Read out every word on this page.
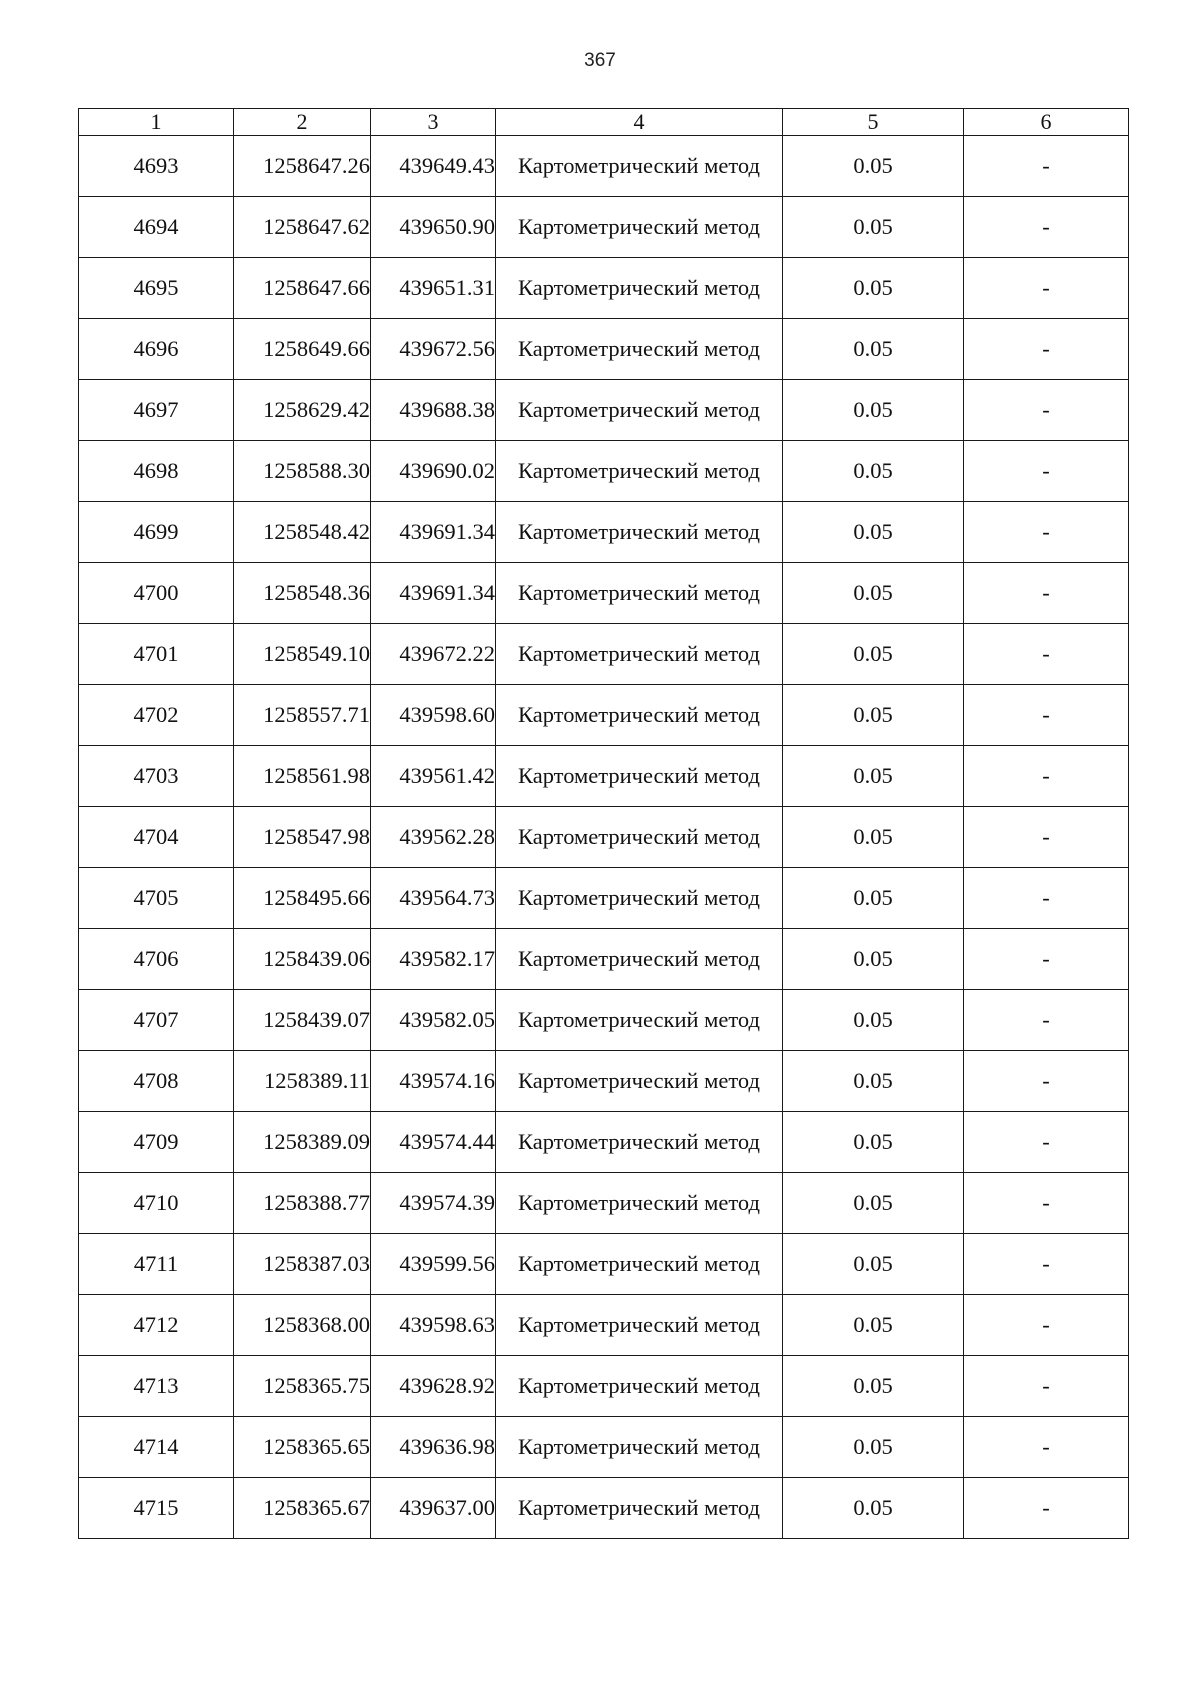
367
1	2	3	4	5	6
4693	1258647.26	439649.43	Картометрический метод	0.05	-
4694	1258647.62	439650.90	Картометрический метод	0.05	-
4695	1258647.66	439651.31	Картометрический метод	0.05	-
4696	1258649.66	439672.56	Картометрический метод	0.05	-
4697	1258629.42	439688.38	Картометрический метод	0.05	-
4698	1258588.30	439690.02	Картометрический метод	0.05	-
4699	1258548.42	439691.34	Картометрический метод	0.05	-
4700	1258548.36	439691.34	Картометрический метод	0.05	-
4701	1258549.10	439672.22	Картометрический метод	0.05	-
4702	1258557.71	439598.60	Картометрический метод	0.05	-
4703	1258561.98	439561.42	Картометрический метод	0.05	-
4704	1258547.98	439562.28	Картометрический метод	0.05	-
4705	1258495.66	439564.73	Картометрический метод	0.05	-
4706	1258439.06	439582.17	Картометрический метод	0.05	-
4707	1258439.07	439582.05	Картометрический метод	0.05	-
4708	1258389.11	439574.16	Картометрический метод	0.05	-
4709	1258389.09	439574.44	Картометрический метод	0.05	-
4710	1258388.77	439574.39	Картометрический метод	0.05	-
4711	1258387.03	439599.56	Картометрический метод	0.05	-
4712	1258368.00	439598.63	Картометрический метод	0.05	-
4713	1258365.75	439628.92	Картометрический метод	0.05	-
4714	1258365.65	439636.98	Картометрический метод	0.05	-
4715	1258365.67	439637.00	Картометрический метод	0.05	-
